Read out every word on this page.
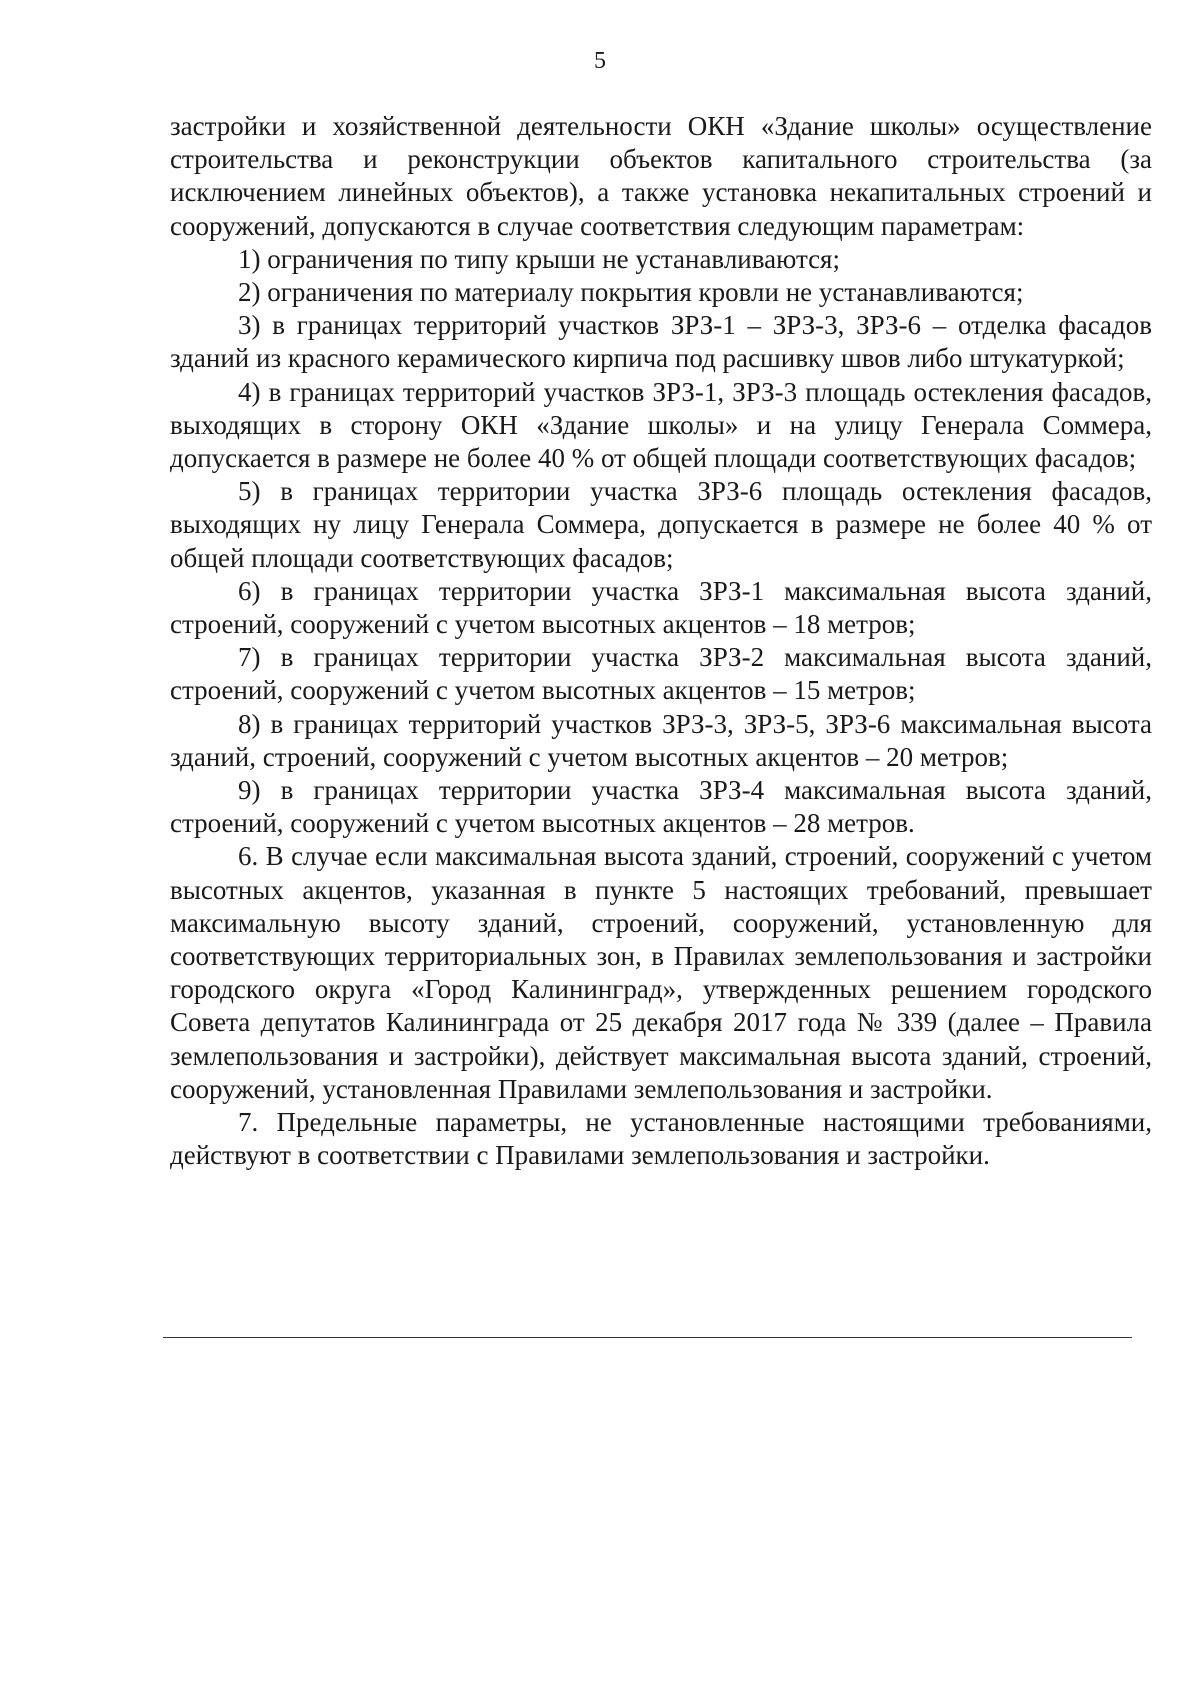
5

застройки и хозяйственной деятельности ОКН «Здание школы» осуществление строительства и реконструкции объектов капитального строительства (за исключением линейных объектов), а также установка некапитальных строений и сооружений, допускаются в случае соответствия следующим параметрам:

1) ограничения по типу крыши не устанавливаются;

2) ограничения по материалу покрытия кровли не устанавливаются;

3) в границах территорий участков ЗРЗ-1 – ЗРЗ-3, ЗРЗ-6 – отделка фасадов зданий из красного керамического кирпича под расшивку швов либо штукатуркой;

4) в границах территорий участков ЗРЗ-1, ЗРЗ-3 площадь остекления фасадов, выходящих в сторону ОКН «Здание школы» и на улицу Генерала Соммера, допускается в размере не более 40 % от общей площади соответствующих фасадов;

5) в границах территории участка ЗРЗ-6 площадь остекления фасадов, выходящих ну лицу Генерала Соммера, допускается в размере не более 40 % от общей площади соответствующих фасадов;

6) в границах территории участка ЗРЗ-1 максимальная высота зданий, строений, сооружений с учетом высотных акцентов – 18 метров;

7) в границах территории участка ЗРЗ-2 максимальная высота зданий, строений, сооружений с учетом высотных акцентов – 15 метров;

8) в границах территорий участков ЗРЗ-3, ЗРЗ-5, ЗРЗ-6 максимальная высота зданий, строений, сооружений с учетом высотных акцентов – 20 метров;

9) в границах территории участка ЗРЗ-4 максимальная высота зданий, строений, сооружений с учетом высотных акцентов – 28 метров.

6. В случае если максимальная высота зданий, строений, сооружений с учетом высотных акцентов, указанная в пункте 5 настоящих требований, превышает максимальную высоту зданий, строений, сооружений, установленную для соответствующих территориальных зон, в Правилах землепользования и застройки городского округа «Город Калининград», утвержденных решением городского Совета депутатов Калининграда от 25 декабря 2017 года № 339 (далее – Правила землепользования и застройки), действует максимальная высота зданий, строений, сооружений, установленная Правилами землепользования и застройки.

7. Предельные параметры, не установленные настоящими требованиями, действуют в соответствии с Правилами землепользования и застройки.
